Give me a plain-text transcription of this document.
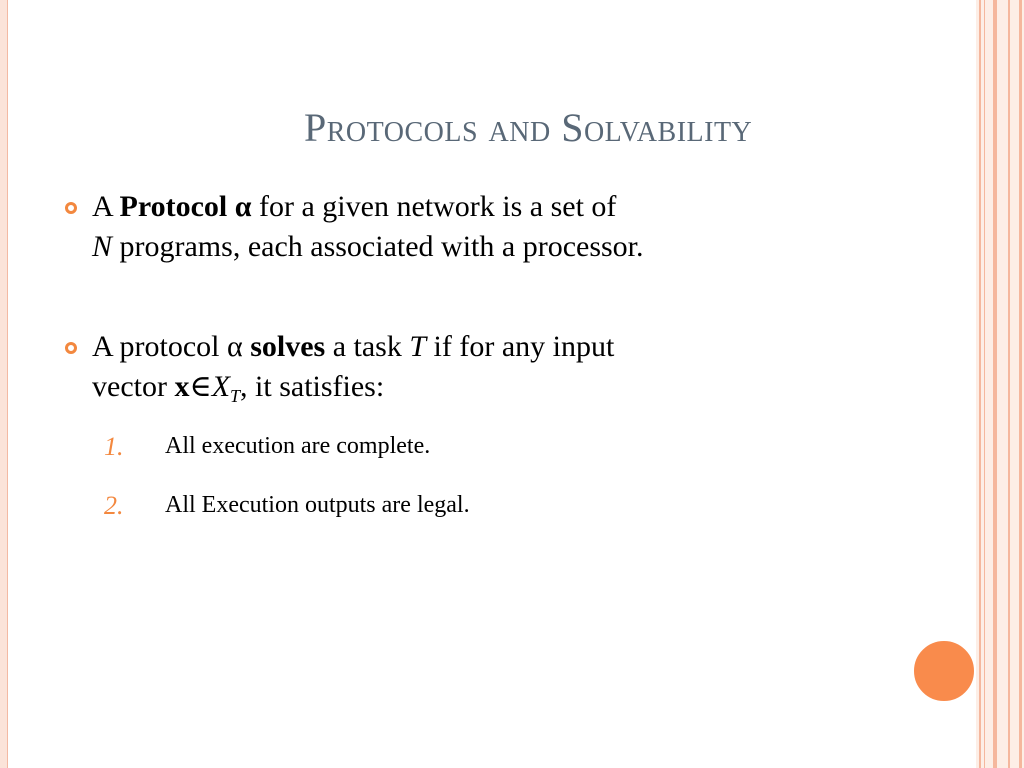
Protocols and Solvability
A Protocol α for a given network is a set of
N programs, each associated with a processor.
A protocol α solves a task T if for any input
vector $x\in X_T$, it satisfies:
1. All execution are complete.
2. All Execution outputs are legal.
